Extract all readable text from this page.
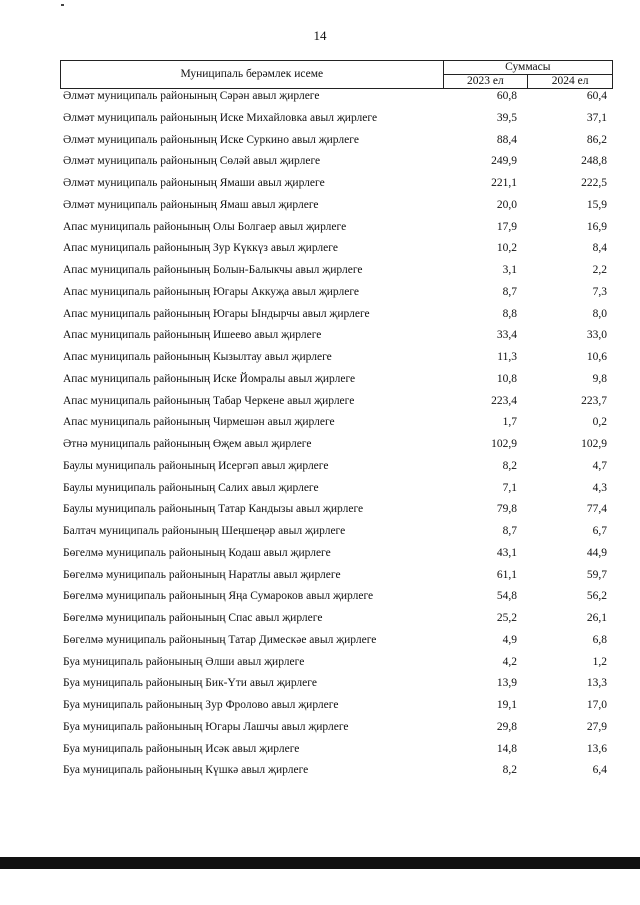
14
Муниципаль берәмлек исеме	Суммасы	
	2023 ел	2024 ел
Әлмәт муниципаль районының Сәрән авыл җирлеге	60,8	60,4
Әлмәт муниципаль районының Иске Михайловка авыл җирлеге	39,5	37,1
Әлмәт муниципаль районының Иске Суркино авыл җирлеге	88,4	86,2
Әлмәт муниципаль районының Сөләй авыл җирлеге	249,9	248,8
Әлмәт муниципаль районының Ямаши авыл җирлеге	221,1	222,5
Әлмәт муниципаль районының Ямаш авыл җирлеге	20,0	15,9
Апас муниципаль районының Олы Болгаер авыл җирлеге	17,9	16,9
Апас муниципаль районының Зур Күккүз авыл җирлеге	10,2	8,4
Апас муниципаль районының Болын-Балыкчы авыл җирлеге	3,1	2,2
Апас муниципаль районының Югары Аккуҗа авыл җирлеге	8,7	7,3
Апас муниципаль районының Югары Ындырчы авыл җирлеге	8,8	8,0
Апас муниципаль районының Ишеево авыл җирлеге	33,4	33,0
Апас муниципаль районының Кызылтау авыл җирлеге	11,3	10,6
Апас муниципаль районының Иске Йомралы авыл җирлеге	10,8	9,8
Апас муниципаль районының Табар Черкене авыл җирлеге	223,4	223,7
Апас муниципаль районының Чирмешән авыл җирлеге	1,7	0,2
Әтнә муниципаль районының Өҗем авыл җирлеге	102,9	102,9
Баулы муниципаль районының Исергәп авыл җирлеге	8,2	4,7
Баулы муниципаль районының Салих авыл җирлеге	7,1	4,3
Баулы муниципаль районының Татар Кандызы авыл җирлеге	79,8	77,4
Балтач муниципаль районының Шеңшеңәр авыл җирлеге	8,7	6,7
Бөгелмә муниципаль районының Кодаш авыл җирлеге	43,1	44,9
Бөгелмә муниципаль районының Наратлы авыл җирлеге	61,1	59,7
Бөгелмә муниципаль районының Яңа Сумароков авыл җирлеге	54,8	56,2
Бөгелмә муниципаль районының Спас авыл җирлеге	25,2	26,1
Бөгелмә муниципаль районының Татар Димескәе авыл җирлеге	4,9	6,8
Буа муниципаль районының Әлши авыл җирлеге	4,2	1,2
Буа муниципаль районының Бик-Үти авыл җирлеге	13,9	13,3
Буа муниципаль районының Зур Фролово авыл җирлеге	19,1	17,0
Буа муниципаль районының Югары Лашчы авыл җирлеге	29,8	27,9
Буа муниципаль районының Исәк авыл җирлеге	14,8	13,6
Буа муниципаль районының Күшкә авыл җирлеге	8,2	6,4
